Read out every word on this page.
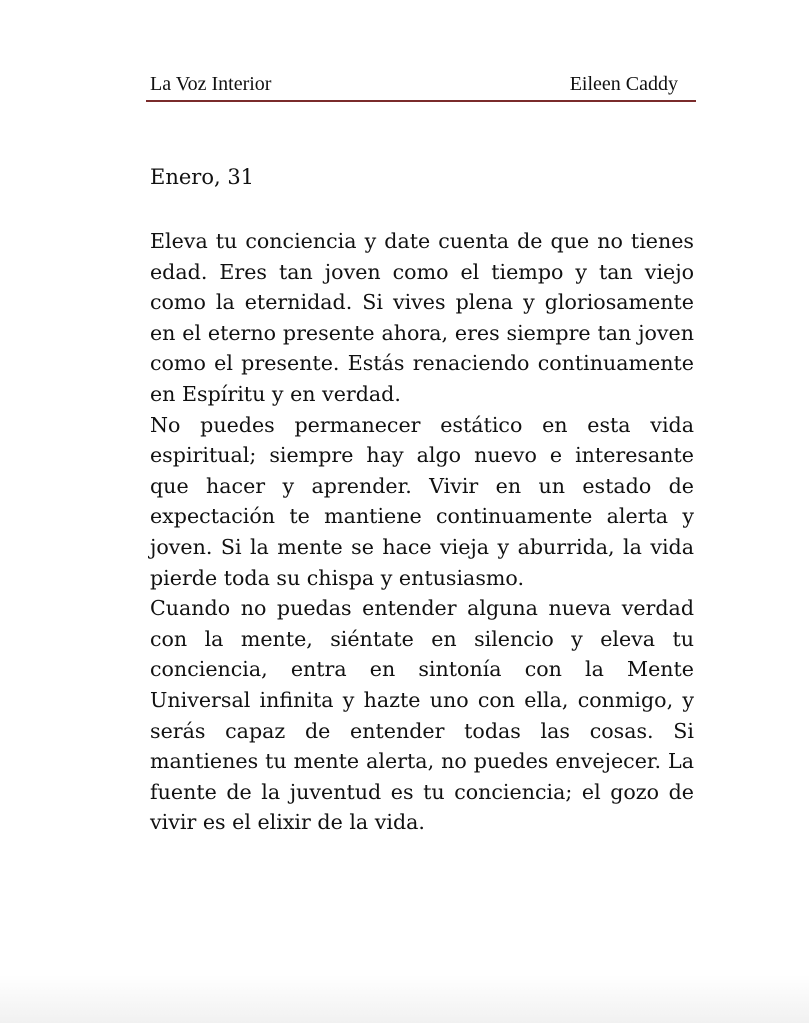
La Voz Interior	Eileen Caddy
Enero, 31

Eleva tu conciencia y date cuenta de que no tienes edad. Eres tan joven como el tiempo y tan viejo como la eternidad. Si vives plena y gloriosamente en el eterno presente ahora, eres siempre tan joven como el presente. Estás renaciendo continuamente en Espíritu y en verdad.

No puedes permanecer estático en esta vida espiritual; siempre hay algo nuevo e interesante que hacer y aprender. Vivir en un estado de expectación te mantiene continuamente alerta y joven. Si la mente se hace vieja y aburrida, la vida pierde toda su chispa y entusiasmo.

Cuando no puedas entender alguna nueva verdad con la mente, siéntate en silencio y eleva tu conciencia, entra en sintonía con la Mente Universal infinita y hazte uno con ella, conmigo, y serás capaz de entender todas las cosas. Si mantienes tu mente alerta, no puedes envejecer. La fuente de la juventud es tu conciencia; el gozo de vivir es el elixir de la vida.
